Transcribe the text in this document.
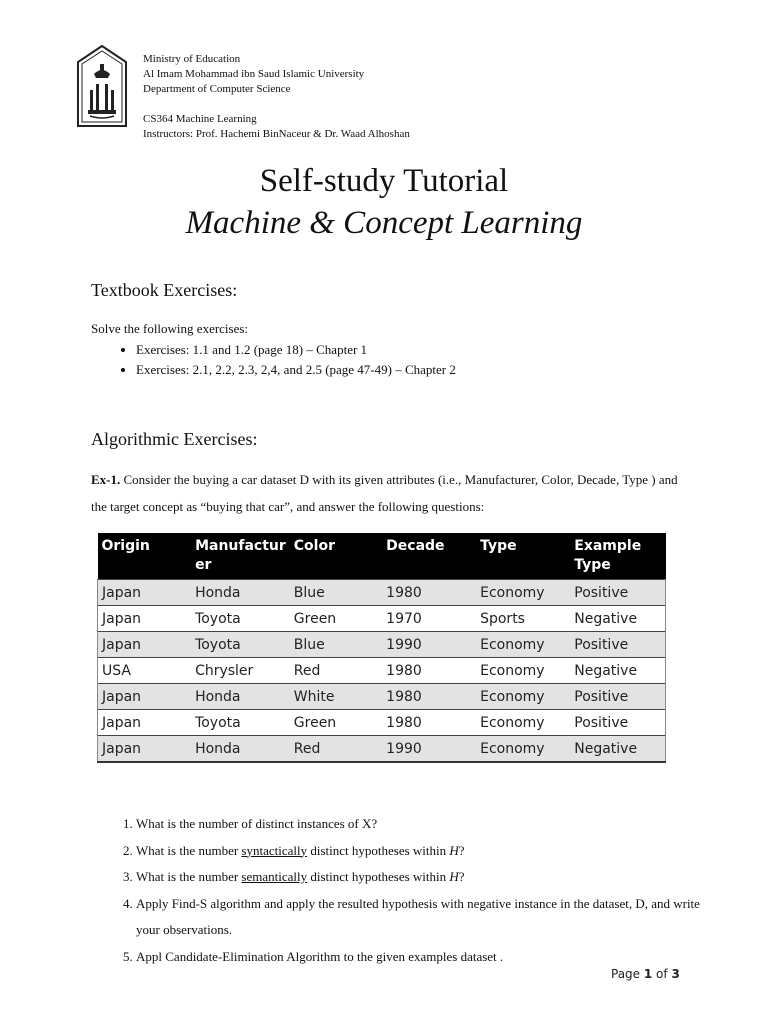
Ministry of Education
Al Imam Mohammad ibn Saud Islamic University
Department of Computer Science
CS364 Machine Learning
Instructors: Prof. Hachemi BinNaceur & Dr. Waad Alhoshan
Self-study Tutorial
Machine & Concept Learning
Textbook Exercises:
Solve the following exercises:
• Exercises: 1.1 and 1.2 (page 18) – Chapter 1
• Exercises: 2.1, 2.2, 2.3, 2,4, and 2.5 (page 47-49) – Chapter 2
Algorithmic Exercises:
Ex-1. Consider the buying a car dataset D with its given attributes (i.e., Manufacturer, Color, Decade, Type ) and the target concept as “buying that car”, and answer the following questions:
Origin	Manufactur er	Color	Decade	Type	Example Type
Japan	Honda	Blue	1980	Economy	Positive
Japan	Toyota	Green	1970	Sports	Negative
Japan	Toyota	Blue	1990	Economy	Positive
USA	Chrysler	Red	1980	Economy	Negative
Japan	Honda	White	1980	Economy	Positive
Japan	Toyota	Green	1980	Economy	Positive
Japan	Honda	Red	1990	Economy	Negative
1. What is the number of distinct instances of X?
2. What is the number syntactically distinct hypotheses within H?
3. What is the number semantically distinct hypotheses within H?
4. Apply Find-S algorithm and apply the resulted hypothesis with negative instance in the dataset, D, and write your observations.
5. Appl Candidate-Elimination Algorithm to the given examples dataset .
Page 1 of 3
